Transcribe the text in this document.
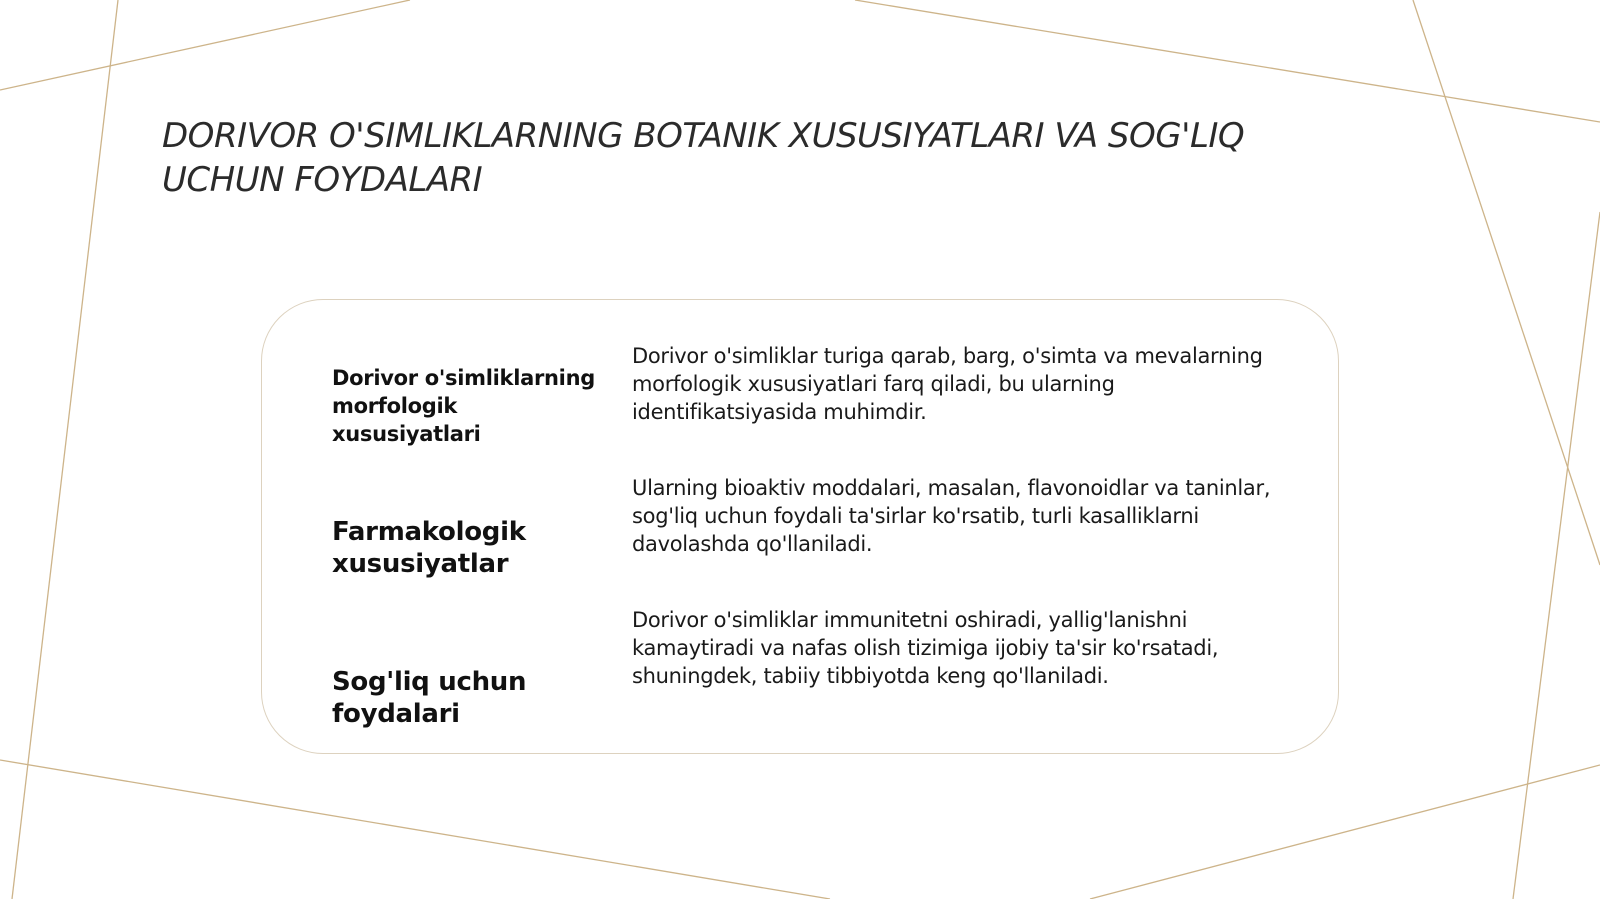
DORIVOR O'SIMLIKLARNING BOTANIK XUSUSIYATLARI VA SOG'LIQ UCHUN FOYDALARI

Dorivor o'simliklarning morfologik xususiyatlari

Dorivor o'simliklar turiga qarab, barg, o'simta va mevalarning morfologik xususiyatlari farq qiladi, bu ularning identifikatsiyasida muhimdir.

Farmakologik xususiyatlar

Ularning bioaktiv moddalari, masalan, flavonoidlar va taninlar, sog'liq uchun foydali ta'sirlar ko'rsatib, turli kasalliklarni davolashda qo'llaniladi.

Sog'liq uchun foydalari

Dorivor o'simliklar immunitetni oshiradi, yallig'lanishni kamaytiradi va nafas olish tizimiga ijobiy ta'sir ko'rsatadi, shuningdek, tabiiy tibbiyotda keng qo'llaniladi.
